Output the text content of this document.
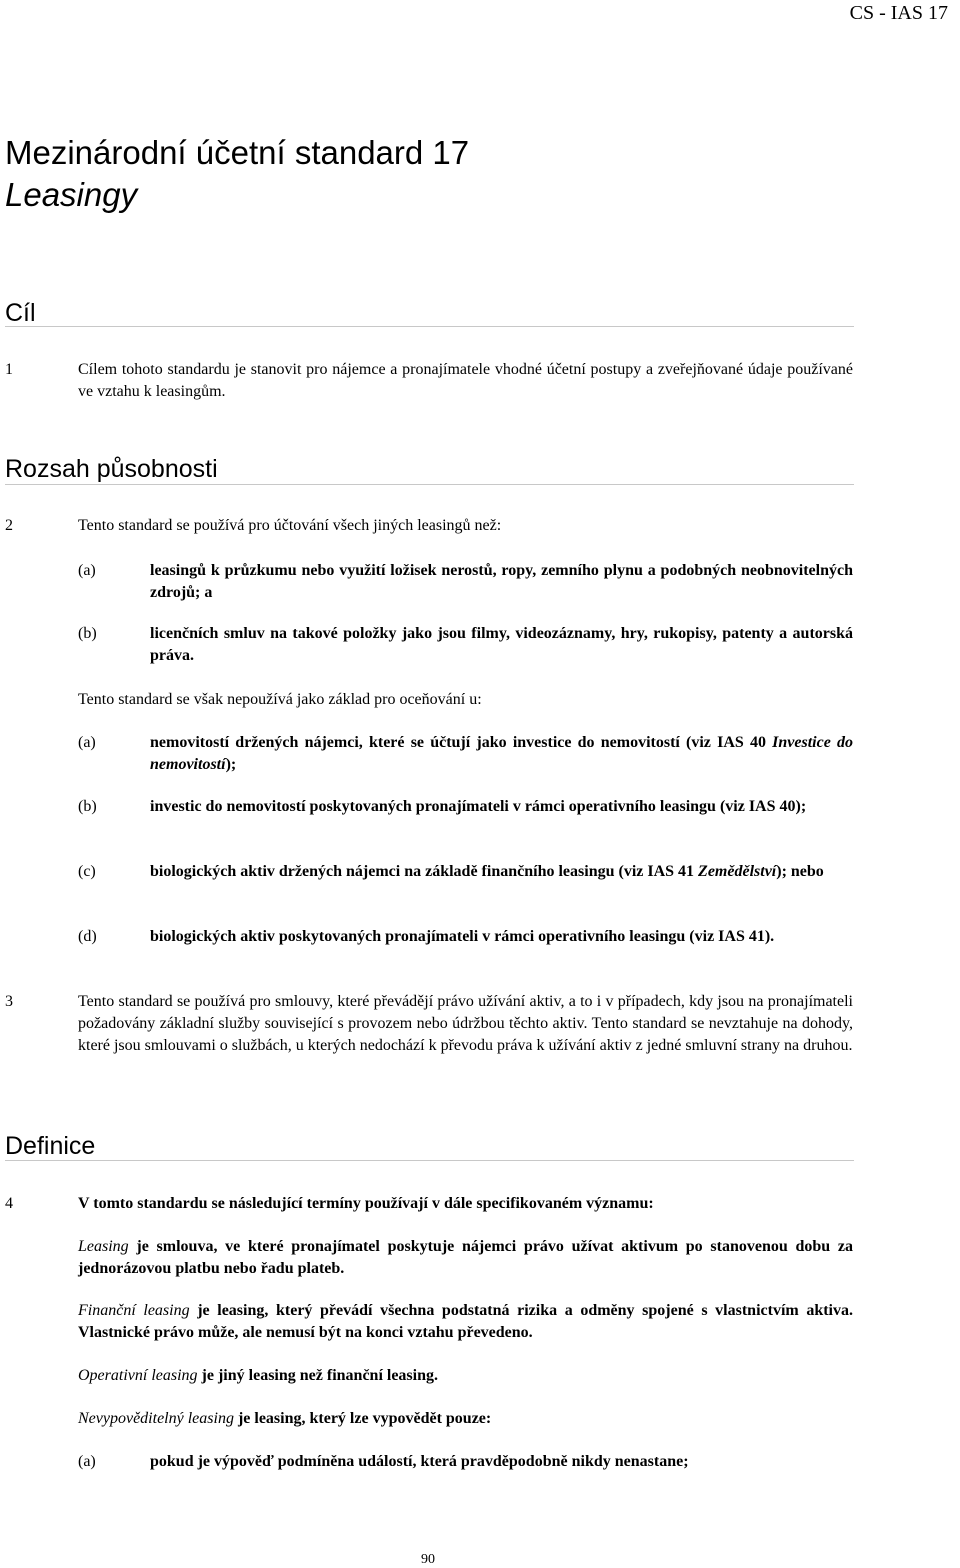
CS - IAS 17
Mezinárodní účetní standard 17
Leasingy
Cíl
1	Cílem tohoto standardu je stanovit pro nájemce a pronajímatele vhodné účetní postupy a zveřejňované údaje používané ve vztahu k leasingům.
Rozsah působnosti
2	Tento standard se používá pro účtování všech jiných leasingů než:
(a)	leasingů k průzkumu nebo využití ložisek nerostů, ropy, zemního plynu a podobných neobnovitelných zdrojů; a
(b)	licenčních smluv na takové položky jako jsou filmy, videozáznamy, hry, rukopisy, patenty a autorská práva.
Tento standard se však nepoužívá jako základ pro oceňování u:
(a)	nemovitostí držených nájemci, které se účtují jako investice do nemovitostí (viz IAS 40 Investice do nemovitostí);
(b)	investic do nemovitostí poskytovaných pronajímateli v rámci operativního leasingu (viz IAS 40);
(c)	biologických aktiv držených nájemci na základě finančního leasingu (viz IAS 41 Zemědělství); nebo
(d)	biologických aktiv poskytovaných pronajímateli v rámci operativního leasingu (viz IAS 41).
3	Tento standard se používá pro smlouvy, které převádějí právo užívání aktiv, a to i v případech, kdy jsou na pronajímateli požadovány základní služby související s provozem nebo údržbou těchto aktiv. Tento standard se nevztahuje na dohody, které jsou smlouvami o službách, u kterých nedochází k převodu práva k užívání aktiv z jedné smluvní strany na druhou.
Definice
4	V tomto standardu se následující termíny používají v dále specifikovaném významu:
Leasing je smlouva, ve které pronajímatel poskytuje nájemci právo užívat aktivum po stanovenou dobu za jednorázovou platbu nebo řadu plateb.
Finanční leasing je leasing, který převádí všechna podstatná rizika a odměny spojené s vlastnictvím aktiva. Vlastnické právo může, ale nemusí být na konci vztahu převedeno.
Operativní leasing je jiný leasing než finanční leasing.
Nevypověditelný leasing je leasing, který lze vypovědět pouze:
(a)	pokud je výpověď podmíněna událostí, která pravděpodobně nikdy nenastane;
90
